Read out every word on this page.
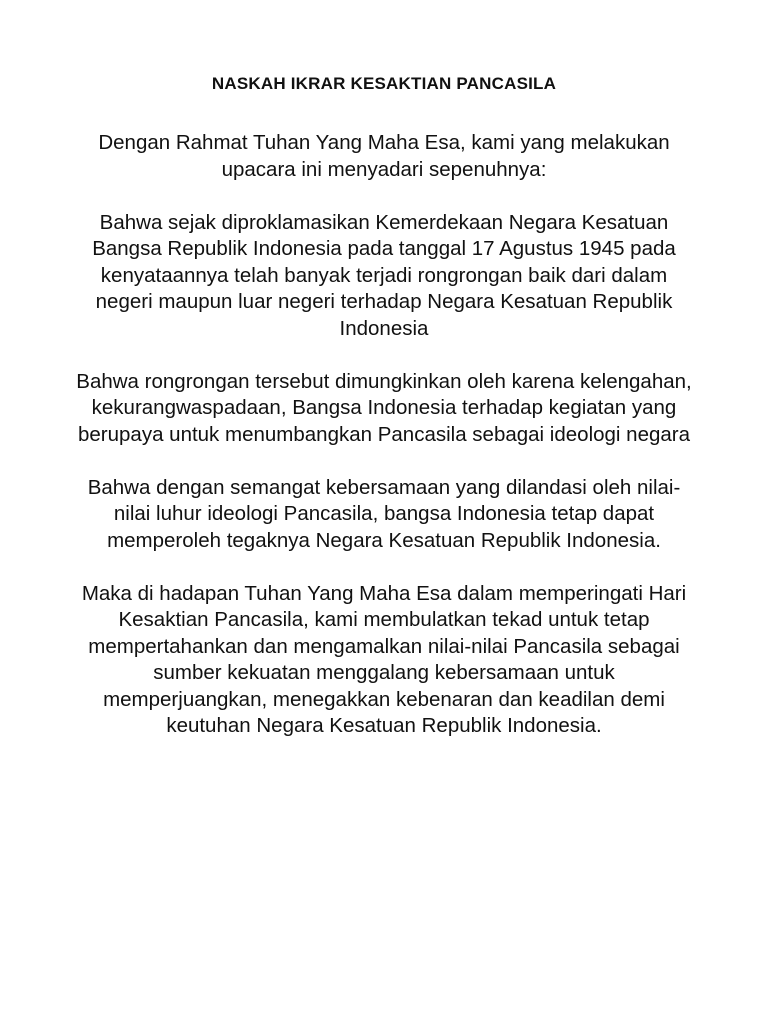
NASKAH IKRAR KESAKTIAN PANCASILA

Dengan Rahmat Tuhan Yang Maha Esa, kami yang melakukan upacara ini menyadari sepenuhnya:

Bahwa sejak diproklamasikan Kemerdekaan Negara Kesatuan Bangsa Republik Indonesia pada tanggal 17 Agustus 1945 pada kenyataannya telah banyak terjadi rongrongan baik dari dalam negeri maupun luar negeri terhadap Negara Kesatuan Republik Indonesia

Bahwa rongrongan tersebut dimungkinkan oleh karena kelengahan, kekurangwaspadaan, Bangsa Indonesia terhadap kegiatan yang berupaya untuk menumbangkan Pancasila sebagai ideologi negara

Bahwa dengan semangat kebersamaan yang dilandasi oleh nilai-nilai luhur ideologi Pancasila, bangsa Indonesia tetap dapat memperoleh tegaknya Negara Kesatuan Republik Indonesia.

Maka di hadapan Tuhan Yang Maha Esa dalam memperingati Hari Kesaktian Pancasila, kami membulatkan tekad untuk tetap mempertahankan dan mengamalkan nilai-nilai Pancasila sebagai sumber kekuatan menggalang kebersamaan untuk memperjuangkan, menegakkan kebenaran dan keadilan demi keutuhan Negara Kesatuan Republik Indonesia.
